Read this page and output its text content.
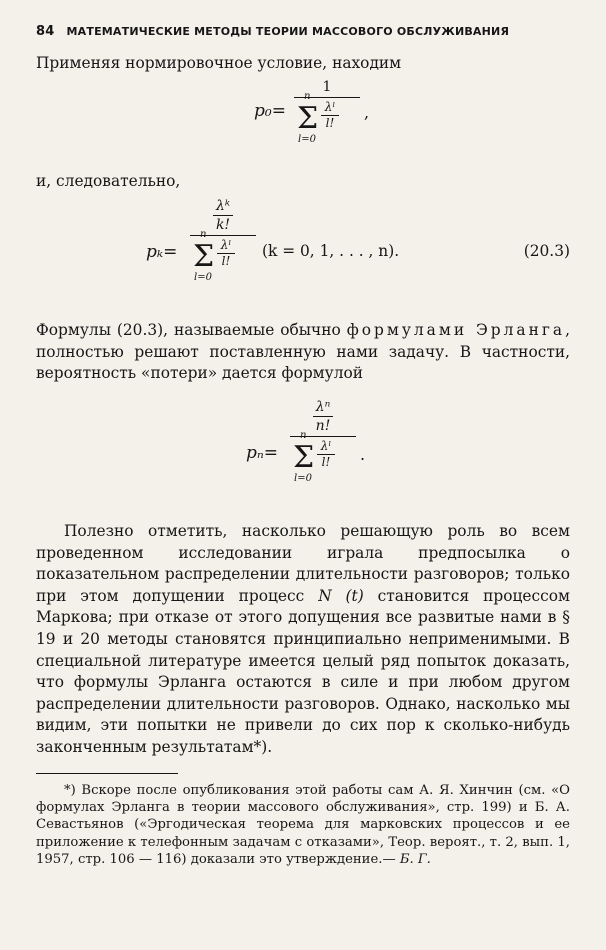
84 МАТЕМАТИЧЕСКИЕ МЕТОДЫ ТЕОРИИ МАССОВОГО ОБСЛУЖИВАНИЯ

Применяя нормировочное условие, находим

p₀=
1
Σ
n
l=0
λˡ
l!
,

и, следовательно,

pₖ=
$\frac{\text{λᵏ}}{k!}$
Σ
n
l=0
λˡ
l!
(k = 0, 1, . . . , n).	(20.3)

Формулы (20.3), называемые обычно формулами Эрланга, полностью решают поставленную нами задачу. В частности, вероятность «потери» дается формулой

pₙ=
$\frac{\text{λⁿ}}{n!}$
Σ
n
l=0
λˡ
l! .

Полезно отметить, насколько решающую роль во всем проведенном исследовании играла предпосылка о показательном распределении длительности разговоров; только при этом допущении процесс N (t) становится процессом Маркова; при отказе от этого допущения все развитые нами в § 19 и 20 методы становятся принципиально неприменимыми. В специальной литературе имеется целый ряд попыток доказать, что формулы Эрланга остаются в силе и при любом другом распределении длительности разговоров. Однако, насколько мы видим, эти попытки не привели до сих пор к сколько-нибудь законченным результатам*).

*) Вскоре после опубликования этой работы сам А. Я. Хинчин (см. «О формулах Эрланга в теории массового обслуживания», стр. 199) и Б. А. Севастьянов («Эргодическая теорема для марковских процессов и ее приложение к телефонным задачам с отказами», Теор. вероят., т. 2, вып. 1, 1957, стр. 106 — 116) доказали это утверждение.— Б. Г.
